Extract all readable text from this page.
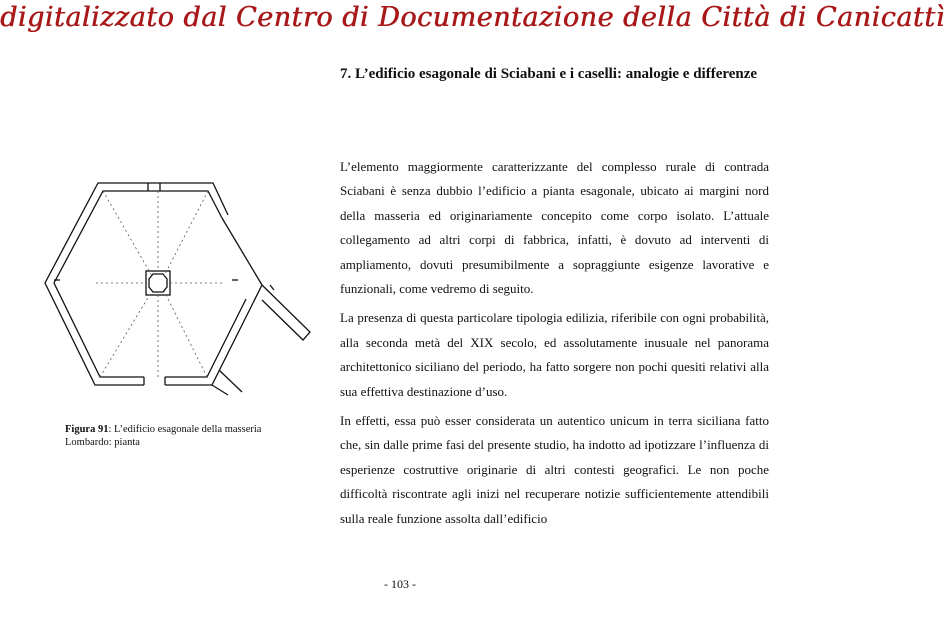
digitalizzato dal Centro di Documentazione della Città di Canicattì
7. L’edificio esagonale di Sciabani e i caselli: analogie e differenze

L’elemento maggiormente caratterizzante del complesso rurale di contrada Sciabani è senza dubbio l’edificio a pianta esagonale, ubicato ai margini nord della masseria ed originariamente concepito come corpo isolato. L’attuale collegamento ad altri corpi di fabbrica, infatti, è dovuto ad interventi di ampliamento, dovuti presumibilmente a sopraggiunte esigenze lavorative e funzionali, come vedremo di seguito.

La presenza di questa particolare tipologia edilizia, riferibile con ogni probabilità, alla seconda metà del XIX secolo, ed assolutamente inusuale nel panorama architettonico siciliano del periodo, ha fatto sorgere non pochi quesiti relativi alla sua effettiva destinazione d’uso.

In effetti, essa può esser considerata un autentico unicum in terra siciliana fatto che, sin dalle prime fasi del presente studio, ha indotto ad ipotizzare l’influenza di esperienze costruttive originarie di altri contesti geografici. Le non poche difficoltà riscontrate agli inizi nel recuperare notizie sufficientemente attendibili sulla reale funzione assolta dall’edificio

Figura 91: L’edificio esagonale della masseria Lombardo: pianta
- 103 -
